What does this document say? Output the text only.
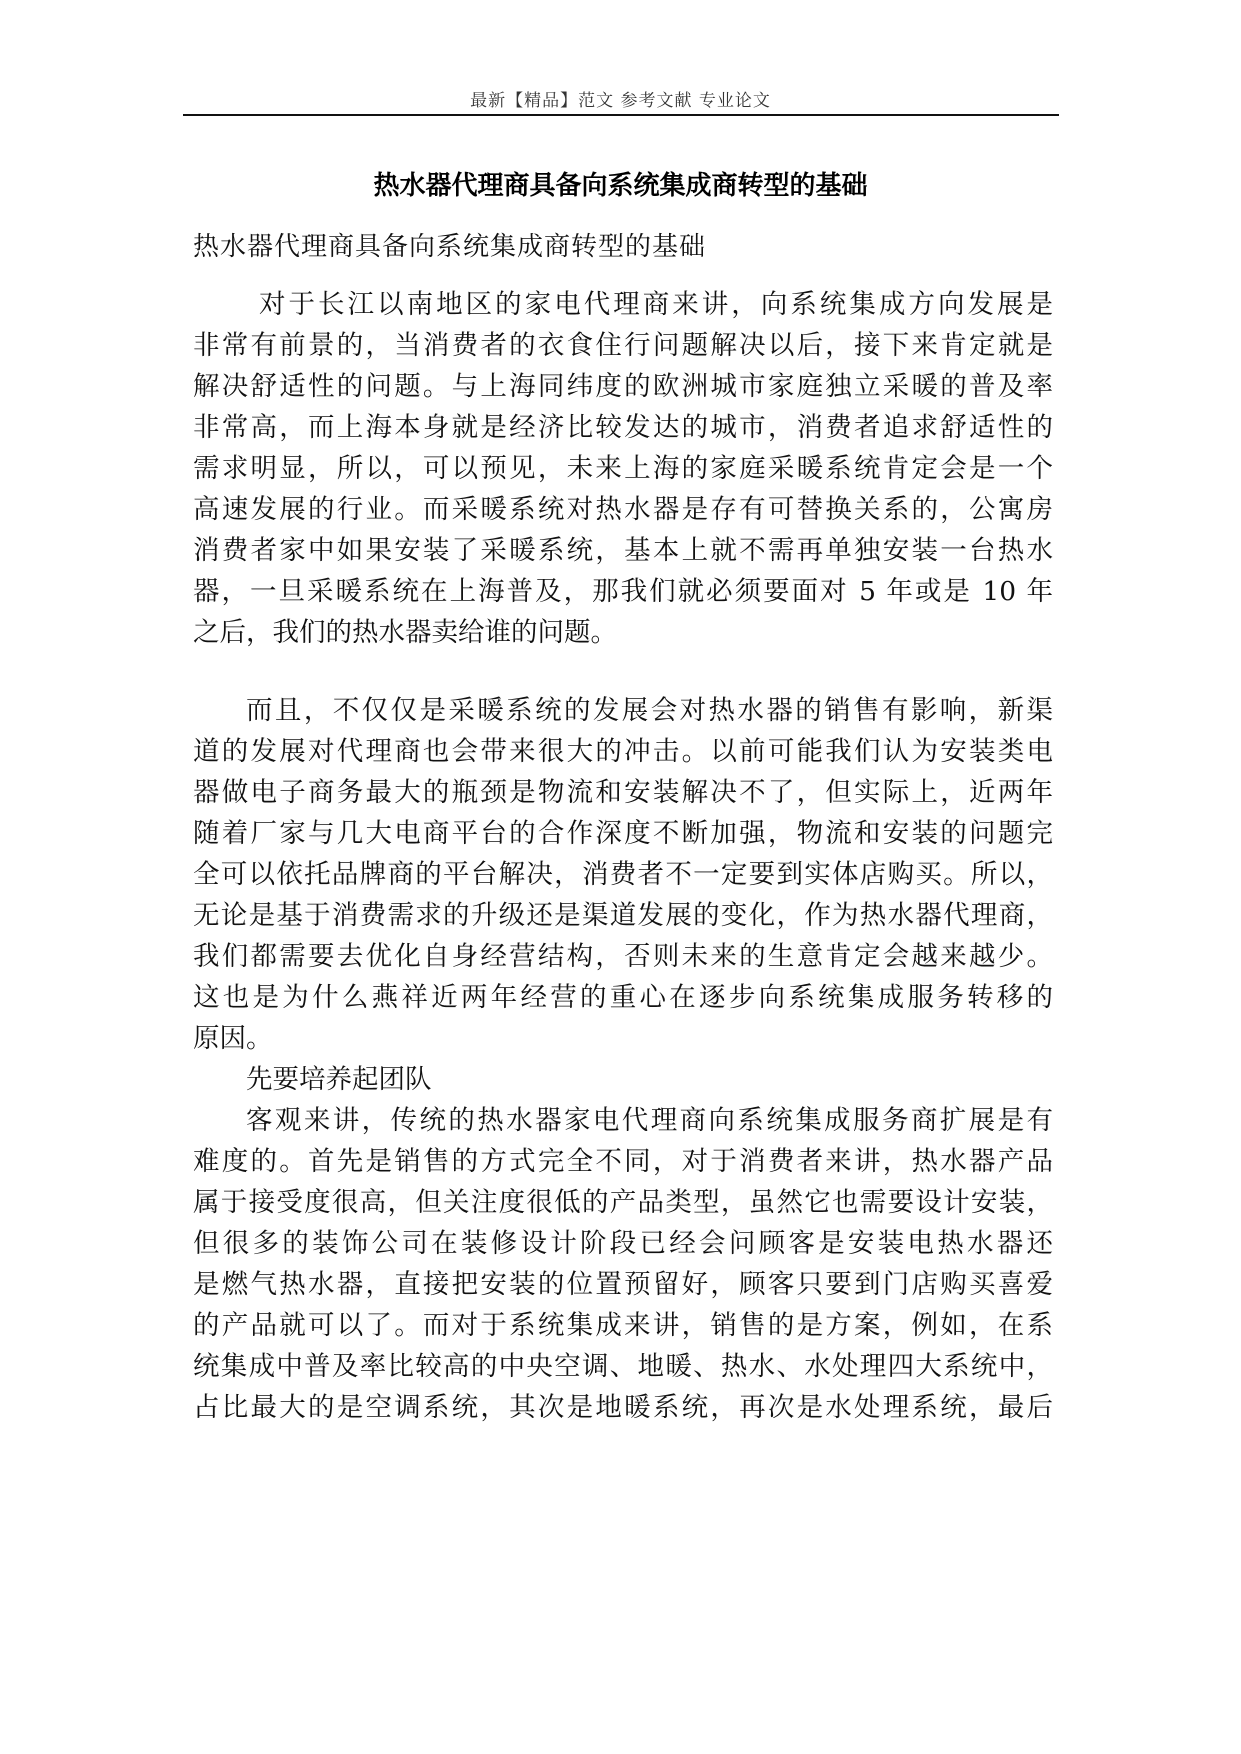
最新【精品】范文 参考文献 专业论文
热水器代理商具备向系统集成商转型的基础
热水器代理商具备向系统集成商转型的基础
对于长江以南地区的家电代理商来讲，向系统集成方向发展是
非常有前景的，当消费者的衣食住行问题解决以后，接下来肯定就是
解决舒适性的问题。与上海同纬度的欧洲城市家庭独立采暖的普及率
非常高，而上海本身就是经济比较发达的城市，消费者追求舒适性的
需求明显，所以，可以预见，未来上海的家庭采暖系统肯定会是一个
高速发展的行业。而采暖系统对热水器是存有可替换关系的，公寓房
消费者家中如果安装了采暖系统，基本上就不需再单独安装一台热水
器，一旦采暖系统在上海普及，那我们就必须要面对 5 年或是 10 年
之后，我们的热水器卖给谁的问题。
而且，不仅仅是采暖系统的发展会对热水器的销售有影响，新渠
道的发展对代理商也会带来很大的冲击。以前可能我们认为安装类电
器做电子商务最大的瓶颈是物流和安装解决不了，但实际上，近两年
随着厂家与几大电商平台的合作深度不断加强，物流和安装的问题完
全可以依托品牌商的平台解决，消费者不一定要到实体店购买。所以，
无论是基于消费需求的升级还是渠道发展的变化，作为热水器代理商，
我们都需要去优化自身经营结构，否则未来的生意肯定会越来越少。
这也是为什么燕祥近两年经营的重心在逐步向系统集成服务转移的
原因。
先要培养起团队
客观来讲，传统的热水器家电代理商向系统集成服务商扩展是有
难度的。首先是销售的方式完全不同，对于消费者来讲，热水器产品
属于接受度很高，但关注度很低的产品类型，虽然它也需要设计安装，
但很多的装饰公司在装修设计阶段已经会问顾客是安装电热水器还
是燃气热水器，直接把安装的位置预留好，顾客只要到门店购买喜爱
的产品就可以了。而对于系统集成来讲，销售的是方案，例如，在系
统集成中普及率比较高的中央空调、地暖、热水、水处理四大系统中，
占比最大的是空调系统，其次是地暖系统，再次是水处理系统，最后
